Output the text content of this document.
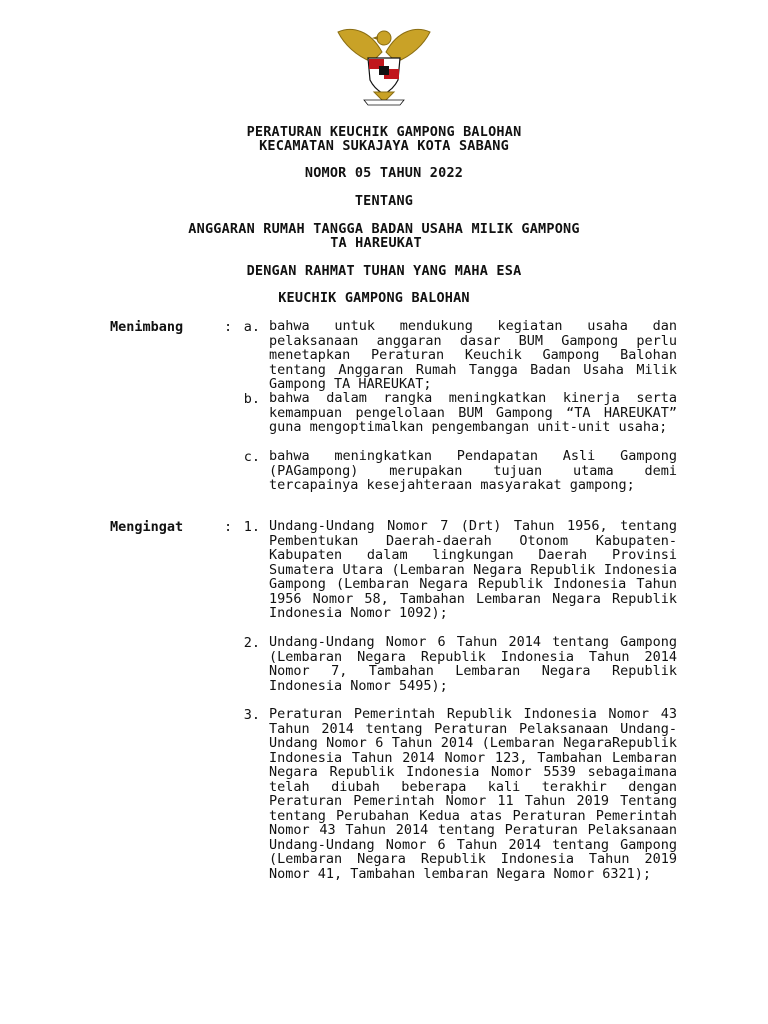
PERATURAN KEUCHIK GAMPONG BALOHAN
KECAMATAN SUKAJAYA KOTA SABANG
NOMOR 05 TAHUN 2022
TENTANG
ANGGARAN RUMAH TANGGA BADAN USAHA MILIK GAMPONG
TA HAREUKAT
DENGAN RAHMAT TUHAN YANG MAHA ESA
KEUCHIK GAMPONG BALOHAN
Menimbang	: a. bahwa untuk mendukung kegiatan usaha dan pelaksanaan anggaran dasar BUM Gampong perlu menetapkan Peraturan Keuchik Gampong Balohan tentang Anggaran Rumah Tangga Badan Usaha Milik Gampong TA HAREUKAT;
b. bahwa dalam rangka meningkatkan kinerja serta kemampuan pengelolaan BUM Gampong “TA HAREUKAT” guna mengoptimalkan pengembangan unit-unit usaha;
c. bahwa meningkatkan Pendapatan Asli Gampong (PAGampong) merupakan tujuan utama demi tercapainya kesejahteraan masyarakat gampong;
Mengingat	: 1. Undang-Undang Nomor 7 (Drt) Tahun 1956, tentang Pembentukan Daerah-daerah Otonom Kabupaten-Kabupaten dalam lingkungan Daerah Provinsi Sumatera Utara (Lembaran Negara Republik Indonesia Gampong (Lembaran Negara Republik Indonesia Tahun 1956 Nomor 58, Tambahan Lembaran Negara Republik Indonesia Nomor 1092);
2. Undang-Undang Nomor 6 Tahun 2014 tentang Gampong (Lembaran Negara Republik Indonesia Tahun 2014 Nomor 7, Tambahan Lembaran Negara Republik Indonesia Nomor 5495);
3. Peraturan Pemerintah Republik Indonesia Nomor 43 Tahun 2014 tentang Peraturan Pelaksanaan Undang-Undang Nomor 6 Tahun 2014 (Lembaran NegaraRepublik Indonesia Tahun 2014 Nomor 123, Tambahan Lembaran Negara Republik Indonesia Nomor 5539 sebagaimana telah diubah beberapa kali terakhir dengan Peraturan Pemerintah Nomor 11 Tahun 2019 Tentang tentang Perubahan Kedua atas Peraturan Pemerintah Nomor 43 Tahun 2014 tentang Peraturan Pelaksanaan Undang-Undang Nomor 6 Tahun 2014 tentang Gampong (Lembaran Negara Republik Indonesia Tahun 2019 Nomor 41, Tambahan lembaran Negara Nomor 6321);
